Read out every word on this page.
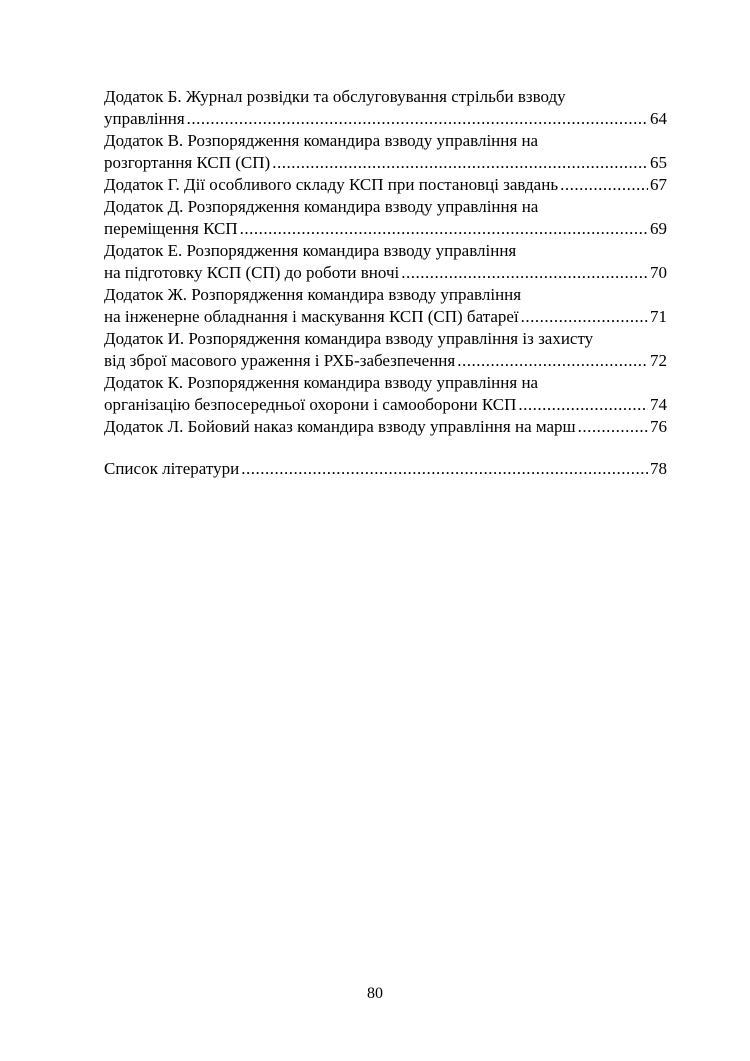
Додаток Б. Журнал розвідки та обслуговування стрільби взводу
управління .....	64
Додаток В. Розпорядження командира взводу управління на
розгортання КСП (СП) .....	65
Додаток Г. Дії особливого складу КСП при постановці завдань .....	67
Додаток Д. Розпорядження командира взводу управління на
переміщення КСП .....	69
Додаток Е. Розпорядження командира взводу управління
на підготовку КСП (СП) до роботи вночі .....	70
Додаток Ж. Розпорядження командира взводу управління
на інженерне обладнання і маскування КСП (СП) батареї .....	71
Додаток И. Розпорядження командира взводу управління із захисту
від зброї масового ураження і РХБ-забезпечення .....	72
Додаток К. Розпорядження командира взводу управління на
організацію безпосередньої охорони і самооборони КСП .....	74
Додаток Л. Бойовий наказ командира взводу управління на марш .....	76
Список літератури .....	78
80
